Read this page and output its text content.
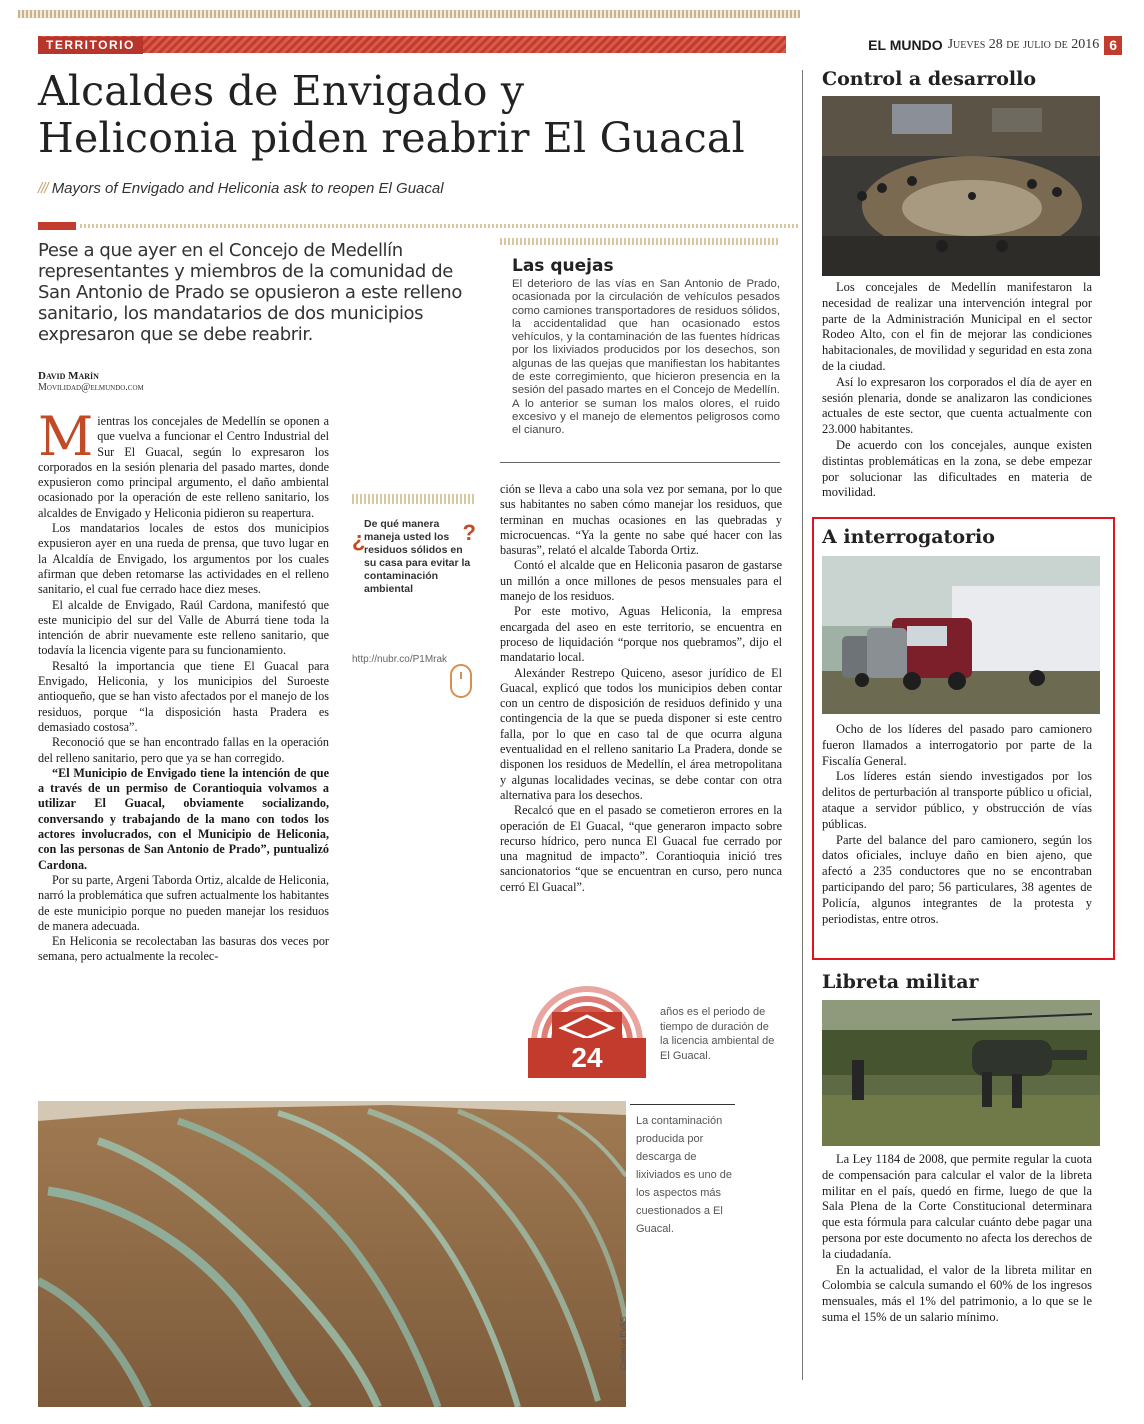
TERRITORIO	EL MUNDO Jueves 28 de julio de 2016 6
Alcaldes de Envigado y
Heliconia piden reabrir El Guacal
/// Mayors of Envigado and Heliconia ask to reopen El Guacal
Pese a que ayer en el Concejo de Medellín representantes y miembros de la comunidad de San Antonio de Prado se opusieron a este relleno sanitario, los mandatarios de dos municipios expresaron que se debe reabrir.
David Marín
Movilidad@elmundo.com
M ientras los concejales de Medellín se oponen a que vuelva a funcionar el Centro Industrial del Sur El Guacal, según lo expresaron los corporados en la sesión plenaria del pasado martes, donde expusieron como principal argumento, el daño ambiental ocasionado por la operación de este relleno sanitario, los alcaldes de Envigado y Heliconia pidieron su reapertura.

Los mandatarios locales de estos dos municipios expusieron ayer en una rueda de prensa, que tuvo lugar en la Alcaldía de Envigado, los argumentos por los cuales afirman que deben retomarse las actividades en el relleno sanitario, el cual fue cerrado hace diez meses.

El alcalde de Envigado, Raúl Cardona, manifestó que este municipio del sur del Valle de Aburrá tiene toda la intención de abrir nuevamente este relleno sanitario, que todavía la licencia vigente para su funcionamiento.

Resaltó la importancia que tiene El Guacal para Envigado, Heliconia, y los municipios del Suroeste antioqueño, que se han visto afectados por el manejo de los residuos, porque “la disposición hasta Pradera es demasiado costosa”.

Reconoció que se han encontrado fallas en la operación del relleno sanitario, pero que ya se han corregido.

“El Municipio de Envigado tiene la intención de que a través de un permiso de Corantioquia volvamos a utilizar El Guacal, obviamente socializando, conversando y trabajando de la mano con todos los actores involucrados, con el Municipio de Heliconia, con las personas de San Antonio de Prado”, puntualizó Cardona.

Por su parte, Argeni Taborda Ortiz, alcalde de Heliconia, narró la problemática que sufren actualmente los habitantes de este municipio porque no pueden manejar los residuos de manera adecuada.

En Heliconia se recolectaban las basuras dos veces por semana, pero actualmente la recolec-

¿
De qué manera maneja usted los residuos sólidos en su casa para evitar la contaminación ambiental
?
http://nubr.co/P1Mrak
Las quejas

El deterioro de las vías en San Antonio de Prado, ocasionada por la circulación de vehículos pesados como camiones transportadores de residuos sólidos, la accidentalidad que han ocasionado estos vehículos, y la contaminación de las fuentes hídricas por los lixiviados producidos por los desechos, son algunas de las quejas que manifiestan los habitantes de este corregimiento, que hicieron presencia en la sesión del pasado martes en el Concejo de Medellín.

A lo anterior se suman los malos olores, el ruido excesivo y el manejo de elementos peligrosos como el cianuro.

ción se lleva a cabo una sola vez por semana, por lo que sus habitantes no saben cómo manejar los residuos, que terminan en muchas ocasiones en las quebradas y microcuencas. “Ya la gente no sabe qué hacer con las basuras”, relató el alcalde Taborda Ortiz.

Contó el alcalde que en Heliconia pasaron de gastarse un millón a once millones de pesos mensuales para el manejo de los residuos.

Por este motivo, Aguas Heliconia, la empresa encargada del aseo en este territorio, se encuentra en proceso de liquidación “porque nos quebramos”, dijo el mandatario local.

Alexánder Restrepo Quiceno, asesor jurídico de El Guacal, explicó que todos los municipios deben contar con un centro de disposición de residuos definido y una contingencia de la que se pueda disponer si este centro falla, por lo que en caso tal de que ocurra alguna eventualidad en el relleno sanitario La Pradera, donde se disponen los residuos de Medellín, el área metropolitana y algunas localidades vecinas, se debe contar con otra alternativa para los desechos.

Recalcó que en el pasado se cometieron errores en la operación de El Guacal, “que generaron impacto sobre recurso hídrico, pero nunca El Guacal fue cerrado por una magnitud de impacto”. Corantioquia inició tres sancionatorios “que se encuentran en curso, pero nunca cerró El Guacal”.

24
años es el periodo de tiempo de duración de la licencia ambiental de El Guacal.
La contaminación producida por descarga de lixiviados es uno de los aspectos más cuestionados a El Guacal.
Cortesía EVAS
Control a desarrollo

Los concejales de Medellín manifestaron la necesidad de realizar una intervención integral por parte de la Administración Municipal en el sector Rodeo Alto, con el fin de mejorar las condiciones habitacionales, de movilidad y seguridad en esta zona de la ciudad.

Así lo expresaron los corporados el día de ayer en sesión plenaria, donde se analizaron las condiciones actuales de este sector, que cuenta actualmente con 23.000 habitantes.

De acuerdo con los concejales, aunque existen distintas problemáticas en la zona, se debe empezar por solucionar las dificultades en materia de movilidad.

A interrogatorio

Ocho de los líderes del pasado paro camionero fueron llamados a interrogatorio por parte de la Fiscalía General.

Los líderes están siendo investigados por los delitos de perturbación al transporte público u oficial, ataque a servidor público, y obstrucción de vías públicas.

Parte del balance del paro camionero, según los datos oficiales, incluye daño en bien ajeno, que afectó a 235 conductores que no se encontraban participando del paro; 56 particulares, 38 agentes de Policía, algunos integrantes de la protesta y periodistas, entre otros.

Libreta militar

La Ley 1184 de 2008, que permite regular la cuota de compensación para calcular el valor de la libreta militar en el país, quedó en firme, luego de que la Sala Plena de la Corte Constitucional determinara que esta fórmula para calcular cuánto debe pagar una persona por este documento no afecta los derechos de la ciudadanía.

En la actualidad, el valor de la libreta militar en Colombia se calcula sumando el 60% de los ingresos mensuales, más el 1% del patrimonio, a lo que se le suma el 15% de un salario mínimo.
